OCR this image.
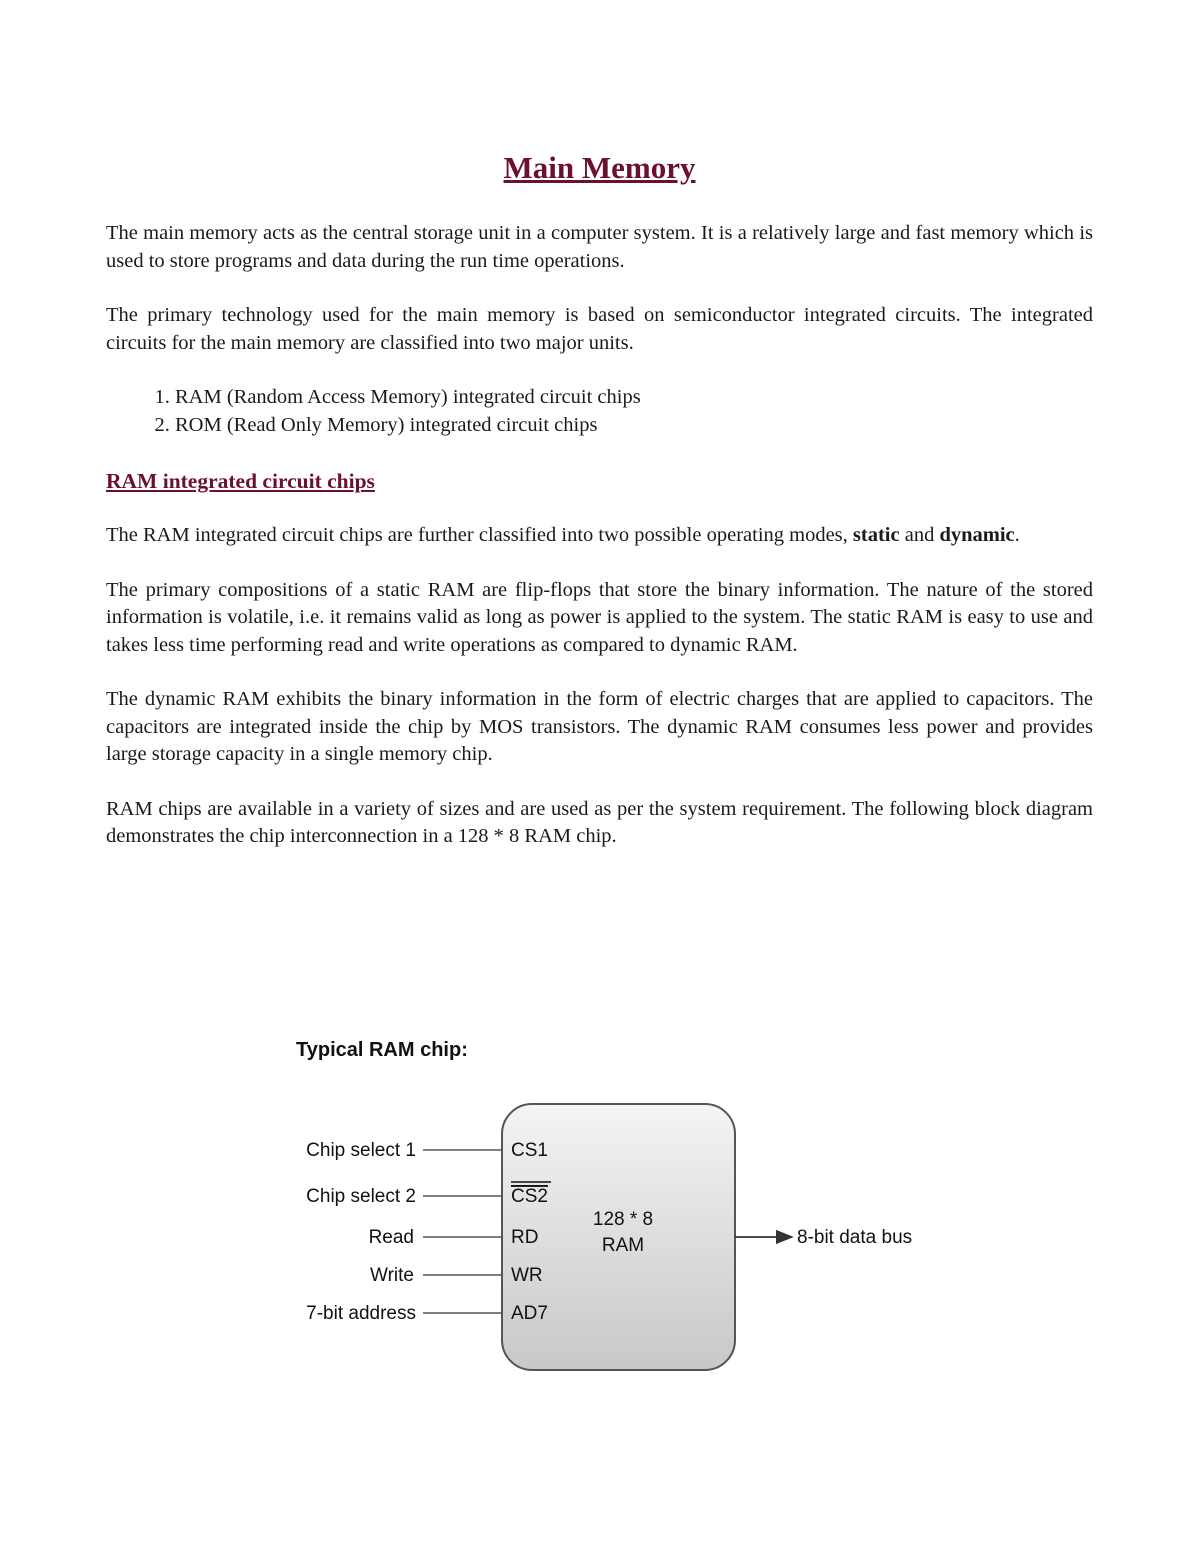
Main Memory

The main memory acts as the central storage unit in a computer system. It is a relatively large and fast memory which is used to store programs and data during the run time operations.

The primary technology used for the main memory is based on semiconductor integrated circuits. The integrated circuits for the main memory are classified into two major units.

1. RAM (Random Access Memory) integrated circuit chips
2. ROM (Read Only Memory) integrated circuit chips
RAM integrated circuit chips

The RAM integrated circuit chips are further classified into two possible operating modes, static and dynamic.

The primary compositions of a static RAM are flip-flops that store the binary information. The nature of the stored information is volatile, i.e. it remains valid as long as power is applied to the system. The static RAM is easy to use and takes less time performing read and write operations as compared to dynamic RAM.

The dynamic RAM exhibits the binary information in the form of electric charges that are applied to capacitors. The capacitors are integrated inside the chip by MOS transistors. The dynamic RAM consumes less power and provides large storage capacity in a single memory chip.

RAM chips are available in a variety of sizes and are used as per the system requirement. The following block diagram demonstrates the chip interconnection in a 128 * 8 RAM chip.

Typical RAM chip:
128 * 8
RAM
Chip select 1	CS1
Chip select 2	CS2
Read	RD
Write	WR
7-bit address	AD7
8-bit data bus
